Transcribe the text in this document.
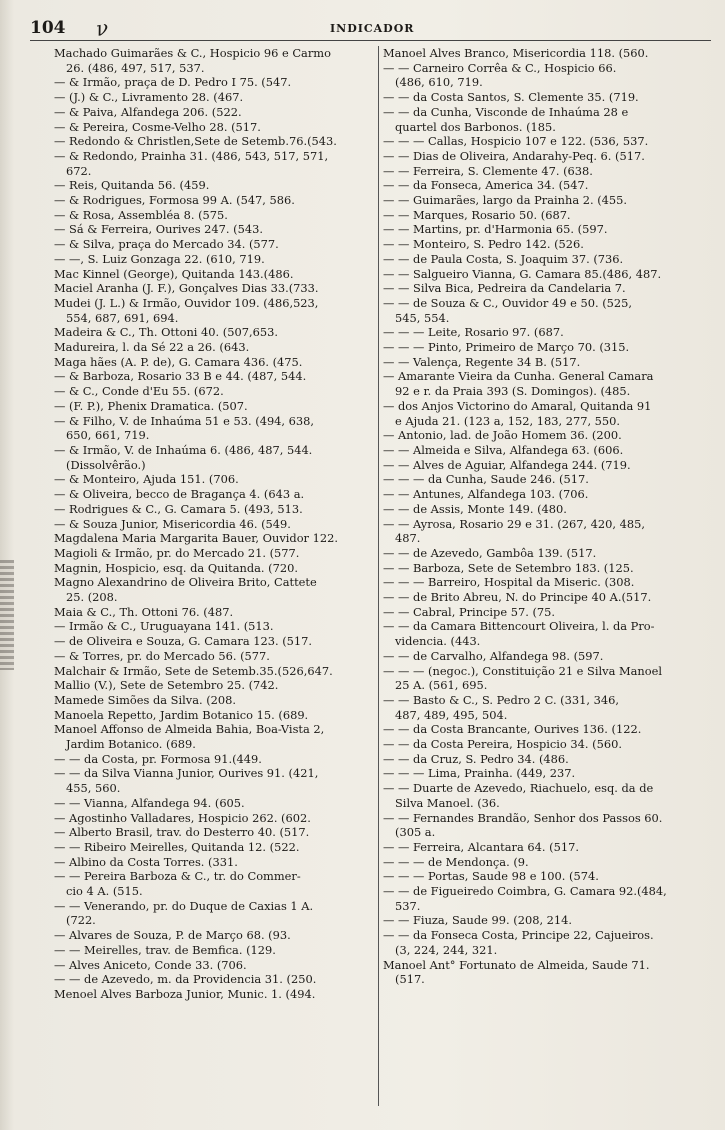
104 ν	INDICADOR
Machado Guimarães & C., Hospicio 96 e Carmo
26. (486, 497, 517, 537.
— & Irmão, praça de D. Pedro I 75. (547.
— (J.) & C., Livramento 28. (467.
— & Paiva, Alfandega 206. (522.
— & Pereira, Cosme-Velho 28. (517.
— Redondo & Christlen,Sete de Setemb.76.(543.
— & Redondo, Prainha 31. (486, 543, 517, 571,
672.
— Reis, Quitanda 56. (459.
— & Rodrigues, Formosa 99 A. (547, 586.
— & Rosa, Assembléa 8. (575.
— Sá & Ferreira, Ourives 247. (543.
— & Silva, praça do Mercado 34. (577.
— —, S. Luiz Gonzaga 22. (610, 719.
Mac Kinnel (George), Quitanda 143.(486.
Maciel Aranha (J. F.), Gonçalves Dias 33.(733.
Mudei (J. L.) & Irmão, Ouvidor 109. (486,523,
554, 687, 691, 694.
Madeira & C., Th. Ottoni 40. (507,653.
Madureira, l. da Sé 22 a 26. (643.
Maga hães (A. P. de), G. Camara 436. (475.
— & Barboza, Rosario 33 B e 44. (487, 544.
— & C., Conde d'Eu 55. (672.
— (F. P.), Phenix Dramatica. (507.
— & Filho, V. de Inhaúma 51 e 53. (494, 638,
650, 661, 719.
— & Irmão, V. de Inhaúma 6. (486, 487, 544.
(Dissolvêrão.)
— & Monteiro, Ajuda 151. (706.
— & Oliveira, becco de Bragança 4. (643 a.
— Rodrigues & C., G. Camara 5. (493, 513.
— & Souza Junior, Misericordia 46. (549.
Magdalena Maria Margarita Bauer, Ouvidor 122.
Magioli & Irmão, pr. do Mercado 21. (577.
Magnin, Hospicio, esq. da Quitanda. (720.
Magno Alexandrino de Oliveira Brito, Cattete
25. (208.
Maia & C., Th. Ottoni 76. (487.
— Irmão & C., Uruguayana 141. (513.
— de Oliveira e Souza, G. Camara 123. (517.
— & Torres, pr. do Mercado 56. (577.
Malchair & Irmão, Sete de Setemb.35.(526,647.
Mallio (V.), Sete de Setembro 25. (742.
Mamede Simões da Silva. (208.
Manoela Repetto, Jardim Botanico 15. (689.
Manoel Affonso de Almeida Bahia, Boa-Vista 2,
Jardim Botanico. (689.
— — da Costa, pr. Formosa 91.(449.
— — da Silva Vianna Junior, Ourives 91. (421,
455, 560.
— — Vianna, Alfandega 94. (605.
— Agostinho Valladares, Hospicio 262. (602.
— Alberto Brasil, trav. do Desterro 40. (517.
— — Ribeiro Meirelles, Quitanda 12. (522.
— Albino da Costa Torres. (331.
— — Pereira Barboza & C., tr. do Commer-
cio 4 A. (515.
— — Venerando, pr. do Duque de Caxias 1 A.
(722.
— Alvares de Souza, P. de Março 68. (93.
— — Meirelles, trav. de Bemfica. (129.
— Alves Aniceto, Conde 33. (706.
— — de Azevedo, m. da Providencia 31. (250.
Menoel Alves Barboza Junior, Munic. 1. (494.
Manoel Alves Branco, Misericordia 118. (560.
— — Carneiro Corrêa & C., Hospicio 66.
(486, 610, 719.
— — da Costa Santos, S. Clemente 35. (719.
— — da Cunha, Visconde de Inhaúma 28 e
quartel dos Barbonos. (185.
— — — Callas, Hospicio 107 e 122. (536, 537.
— — Dias de Oliveira, Andarahy-Peq. 6. (517.
— — Ferreira, S. Clemente 47. (638.
— — da Fonseca, America 34. (547.
— — Guimarães, largo da Prainha 2. (455.
— — Marques, Rosario 50. (687.
— — Martins, pr. d'Harmonia 65. (597.
— — Monteiro, S. Pedro 142. (526.
— — de Paula Costa, S. Joaquim 37. (736.
— — Salgueiro Vianna, G. Camara 85.(486, 487.
— — Silva Bica, Pedreira da Candelaria 7.
— — de Souza & C., Ouvidor 49 e 50. (525,
545, 554.
— — — Leite, Rosario 97. (687.
— — — Pinto, Primeiro de Março 70. (315.
— — Valença, Regente 34 B. (517.
— Amarante Vieira da Cunha. General Camara
92 e r. da Praia 393 (S. Domingos). (485.
— dos Anjos Victorino do Amaral, Quitanda 91
e Ajuda 21. (123 a, 152, 183, 277, 550.
— Antonio, lad. de João Homem 36. (200.
— — Almeida e Silva, Alfandega 63. (606.
— — Alves de Aguiar, Alfandega 244. (719.
— — — da Cunha, Saude 246. (517.
— — Antunes, Alfandega 103. (706.
— — de Assis, Monte 149. (480.
— — Ayrosa, Rosario 29 e 31. (267, 420, 485,
487.
— — de Azevedo, Gambôa 139. (517.
— — Barboza, Sete de Setembro 183. (125.
— — — Barreiro, Hospital da Miseric. (308.
— — de Brito Abreu, N. do Principe 40 A.(517.
— — Cabral, Principe 57. (75.
— — da Camara Bittencourt Oliveira, l. da Pro-
videncia. (443.
— — de Carvalho, Alfandega 98. (597.
— — — (negoc.), Constituição 21 e Silva Manoel
25 A. (561, 695.
— — Basto & C., S. Pedro 2 C. (331, 346,
487, 489, 495, 504.
— — da Costa Brancante, Ourives 136. (122.
— — da Costa Pereira, Hospicio 34. (560.
— — da Cruz, S. Pedro 34. (486.
— — — Lima, Prainha. (449, 237.
— — Duarte de Azevedo, Riachuelo, esq. da de
Silva Manoel. (36.
— — Fernandes Brandão, Senhor dos Passos 60.
(305 a.
— — Ferreira, Alcantara 64. (517.
— — — de Mendonça. (9.
— — — Portas, Saude 98 e 100. (574.
— — de Figueiredo Coimbra, G. Camara 92.(484,
537.
— — Fiuza, Saude 99. (208, 214.
— — da Fonseca Costa, Principe 22, Cajueiros.
(3, 224, 244, 321.
Manoel Ant° Fortunato de Almeida, Saude 71.
(517.
